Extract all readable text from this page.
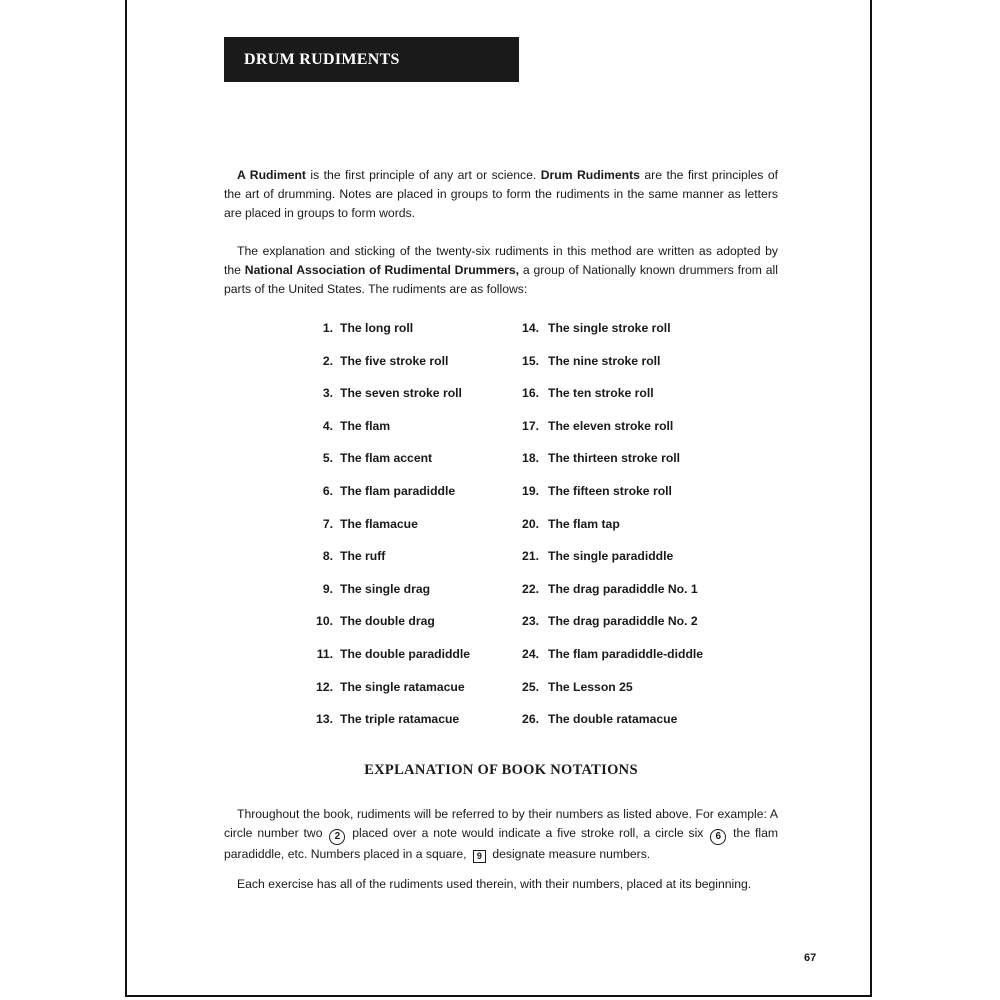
DRUM RUDIMENTS

A Rudiment is the first principle of any art or science. Drum Rudiments are the first principles of the art of drumming. Notes are placed in groups to form the rudiments in the same manner as letters are placed in groups to form words.

The explanation and sticking of the twenty-six rudiments in this method are written as adopted by the National Association of Rudimental Drummers, a group of Nationally known drummers from all parts of the United States. The rudiments are as follows:

1. The long roll
2. The five stroke roll
3. The seven stroke roll
4. The flam
5. The flam accent
6. The flam paradiddle
7. The flamacue
8. The ruff
9. The single drag
10. The double drag
11. The double paradiddle
12. The single ratamacue
13. The triple ratamacue
14. The single stroke roll
15. The nine stroke roll
16. The ten stroke roll
17. The eleven stroke roll
18. The thirteen stroke roll
19. The fifteen stroke roll
20. The flam tap
21. The single paradiddle
22. The drag paradiddle No. 1
23. The drag paradiddle No. 2
24. The flam paradiddle-diddle
25. The Lesson 25
26. The double ratamacue
EXPLANATION OF BOOK NOTATIONS

Throughout the book, rudiments will be referred to by their numbers as listed above. For example: A circle number two 2 placed over a note would indicate a five stroke roll, a circle six 6 the flam paradiddle, etc. Numbers placed in a square, 9 designate measure numbers.

Each exercise has all of the rudiments used therein, with their numbers, placed at its beginning.

67
